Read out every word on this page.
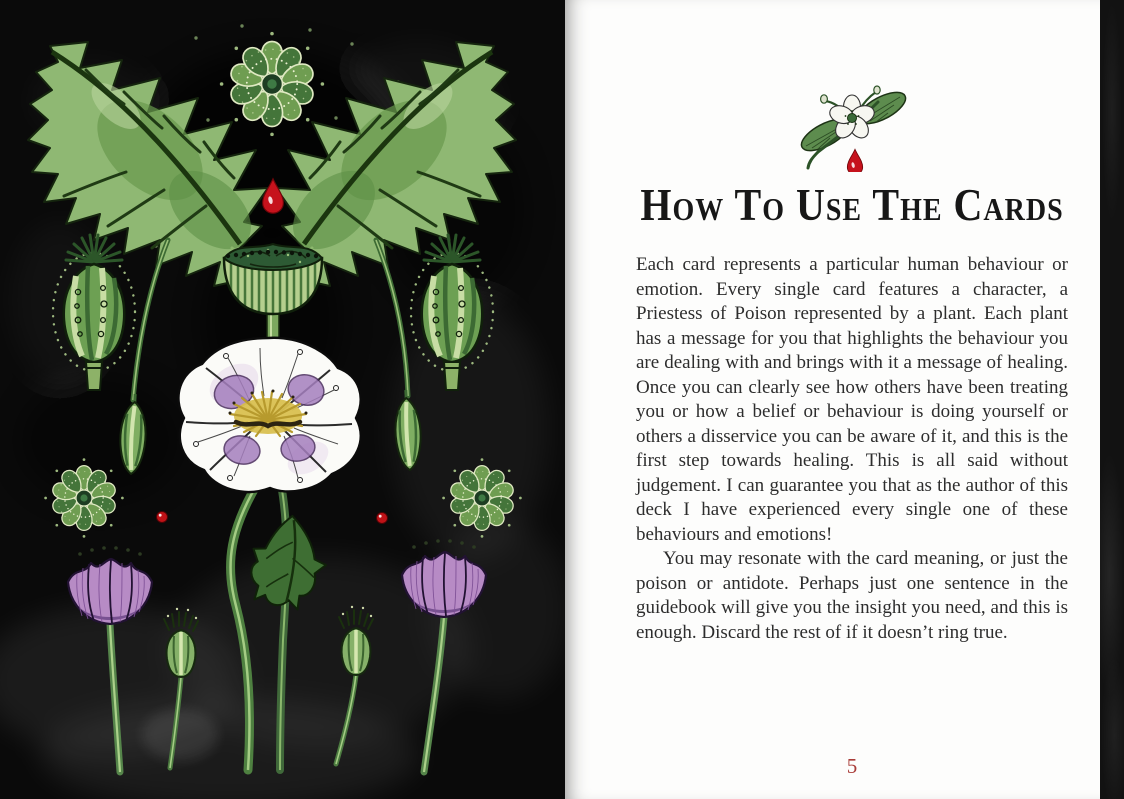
How To Use The Cards

Each card represents a particular human behaviour or emotion. Every single card features a character, a Priestess of Poison represented by a plant. Each plant has a message for you that highlights the behaviour you are dealing with and brings with it a message of healing. Once you can clearly see how others have been treating you or how a belief or behaviour is doing yourself or others a disservice you can be aware of it, and this is the first step towards healing. This is all said without judgement. I can guarantee you that as the author of this deck I have experienced every single one of these behaviours and emotions!

You may resonate with the card meaning, or just the poison or antidote. Perhaps just one sentence in the guidebook will give you the insight you need, and this is enough. Discard the rest of if it doesn’t ring true.

5
